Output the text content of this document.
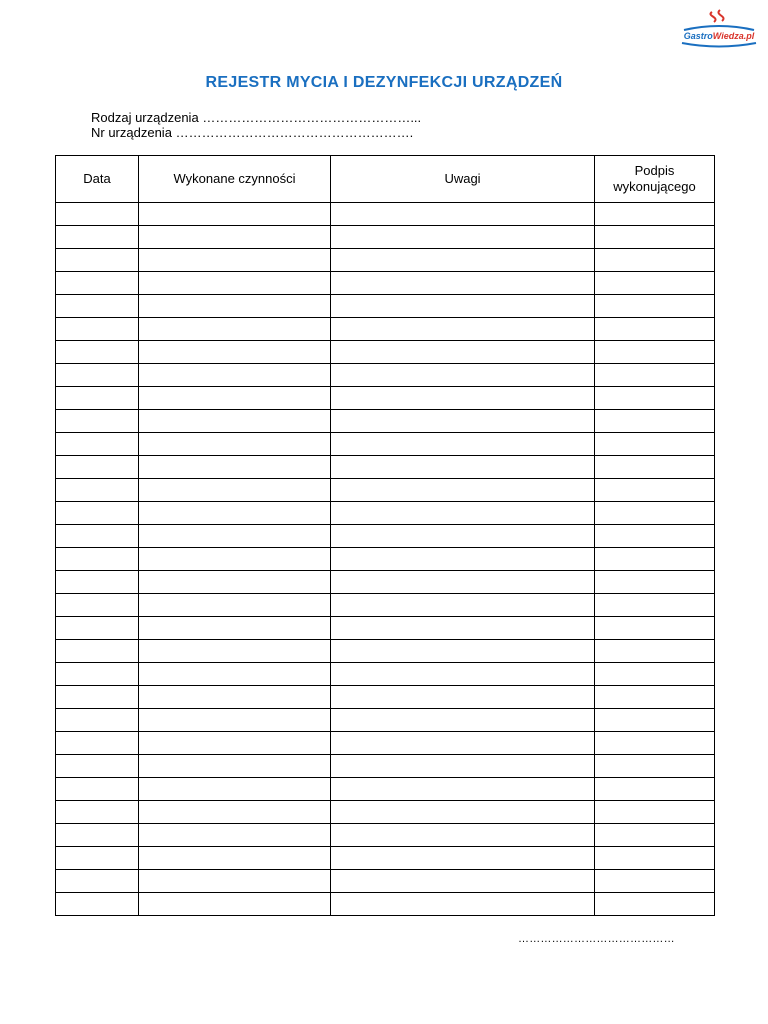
GastroWiedza.pl
REJESTR MYCIA I DEZYNFEKCJI URZĄDZEŃ
Rodzaj urządzenia …………………………………………...
Nr urządzenia ……………………………………………….
Data	Wykonane czynności	Uwagi	Podpis wykonującego

……………………………………
